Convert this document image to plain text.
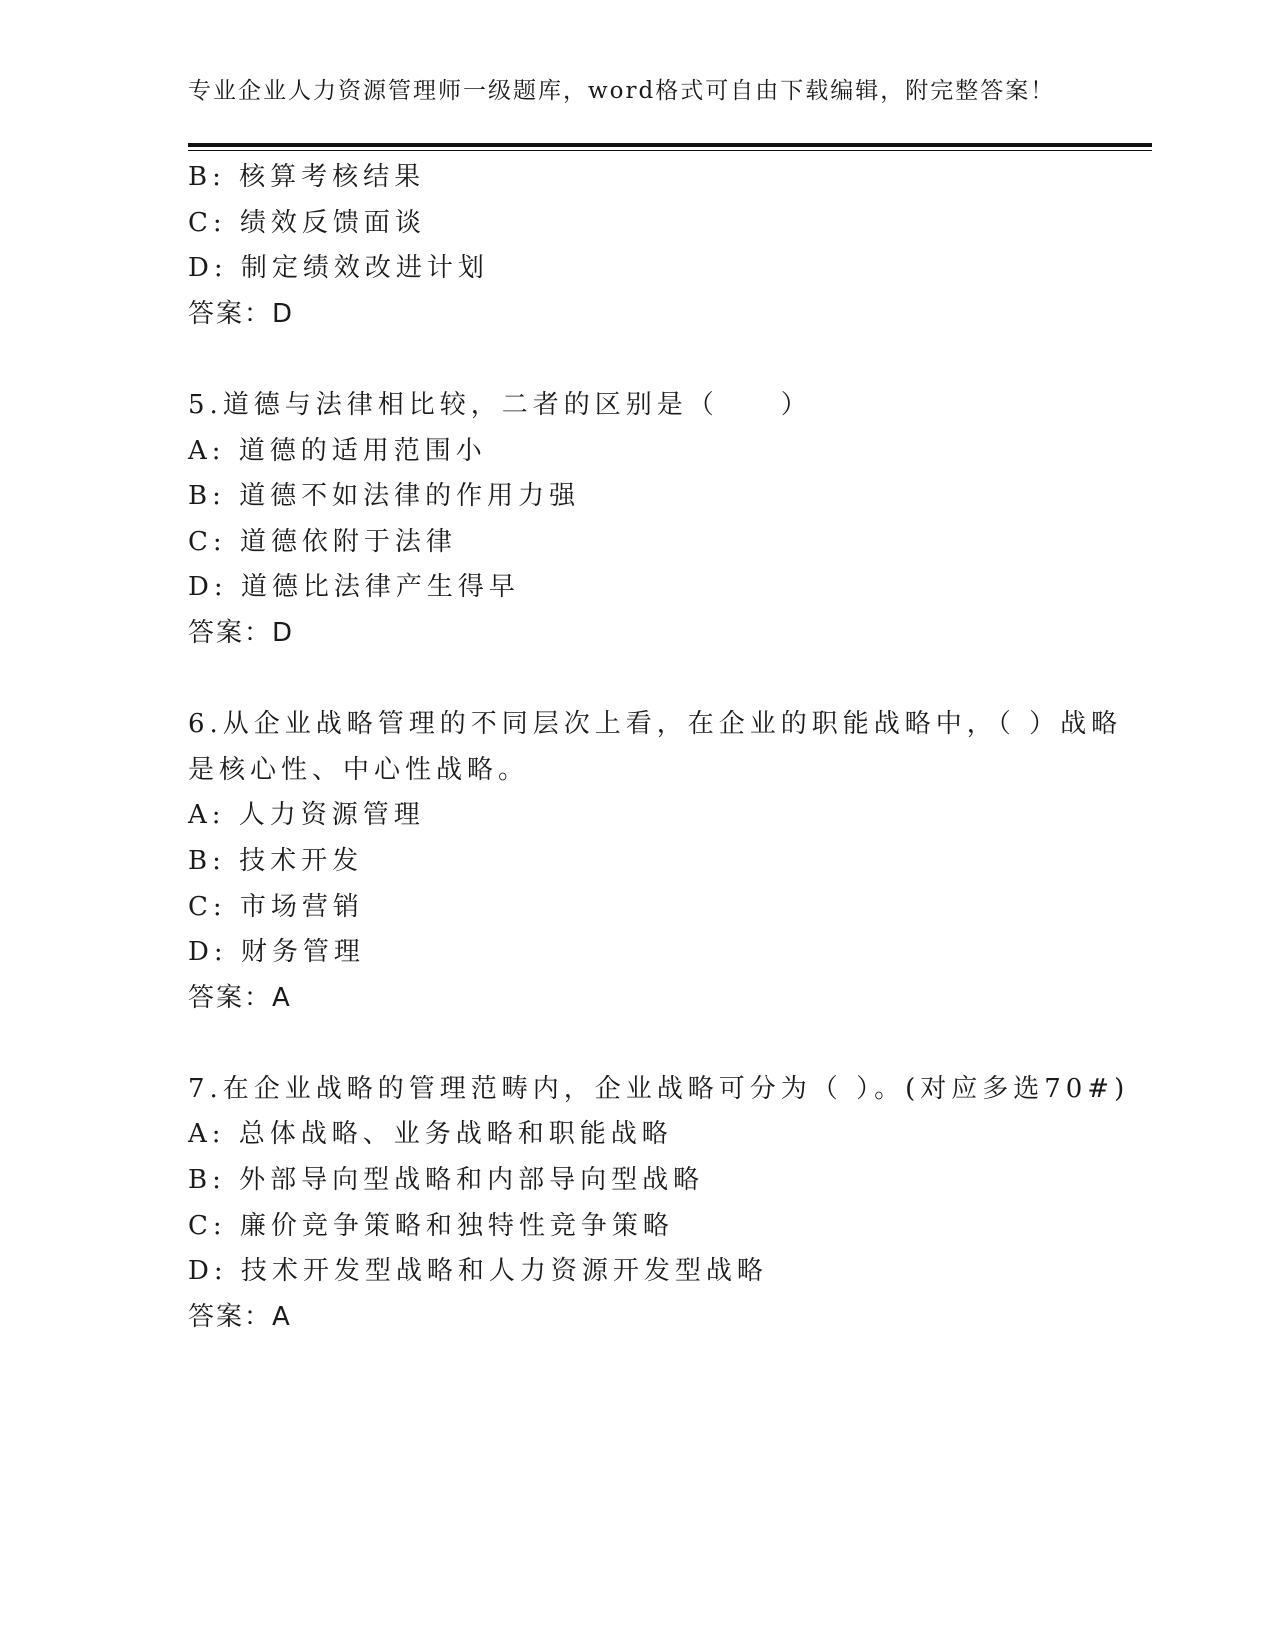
专业企业人力资源管理师一级题库，word格式可自由下载编辑，附完整答案！
B: 核算考核结果
C: 绩效反馈面谈
D: 制定绩效改进计划
答案：D
5.道德与法律相比较，二者的区别是（　　）
A: 道德的适用范围小
B: 道德不如法律的作用力强
C: 道德依附于法律
D: 道德比法律产生得早
答案：D
6.从企业战略管理的不同层次上看，在企业的职能战略中，（ ）战略
是核心性、中心性战略。
A: 人力资源管理
B: 技术开发
C: 市场营销
D: 财务管理
答案：A
7.在企业战略的管理范畴内，企业战略可分为（ ）。(对应多选70#)
A: 总体战略、业务战略和职能战略
B: 外部导向型战略和内部导向型战略
C: 廉价竞争策略和独特性竞争策略
D: 技术开发型战略和人力资源开发型战略
答案：A
